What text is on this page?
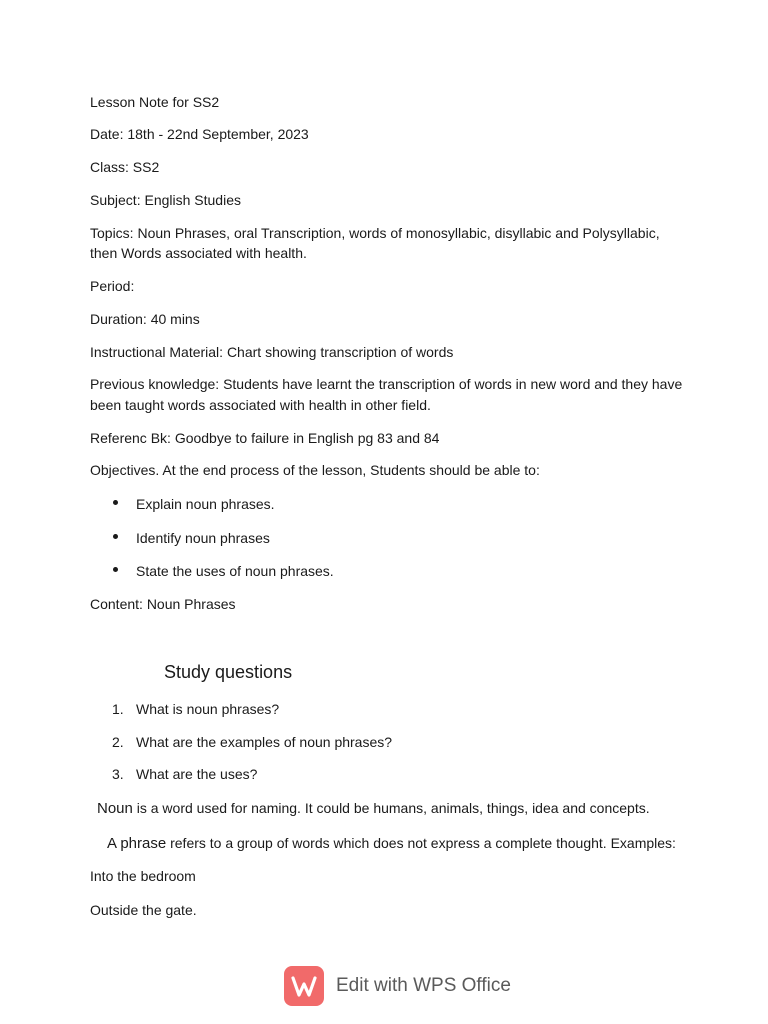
Lesson Note for SS2

Date: 18th - 22nd September, 2023

Class: SS2

Subject: English Studies

Topics: Noun Phrases, oral Transcription, words of monosyllabic, disyllabic and Polysyllabic,

then Words associated with health.

Period:

Duration: 40 mins

Instructional Material: Chart showing transcription of words

Previous knowledge: Students have learnt the transcription of words in new word and they have

been taught words associated with health in other field.

Referenc Bk: Goodbye to failure in English pg 83 and 84

Objectives. At the end process of the lesson, Students should be able to:

Explain noun phrases.

Identify noun phrases

State the uses of noun phrases.

Content: Noun Phrases

Study questions

1. What is noun phrases?

2. What are the examples of noun phrases?

3. What are the uses?

Noun is a word used for naming. It could be humans, animals, things, idea and concepts.

A phrase refers to a group of words which does not express a complete thought. Examples:

Into the bedroom

Outside the gate.

Edit with WPS Office
